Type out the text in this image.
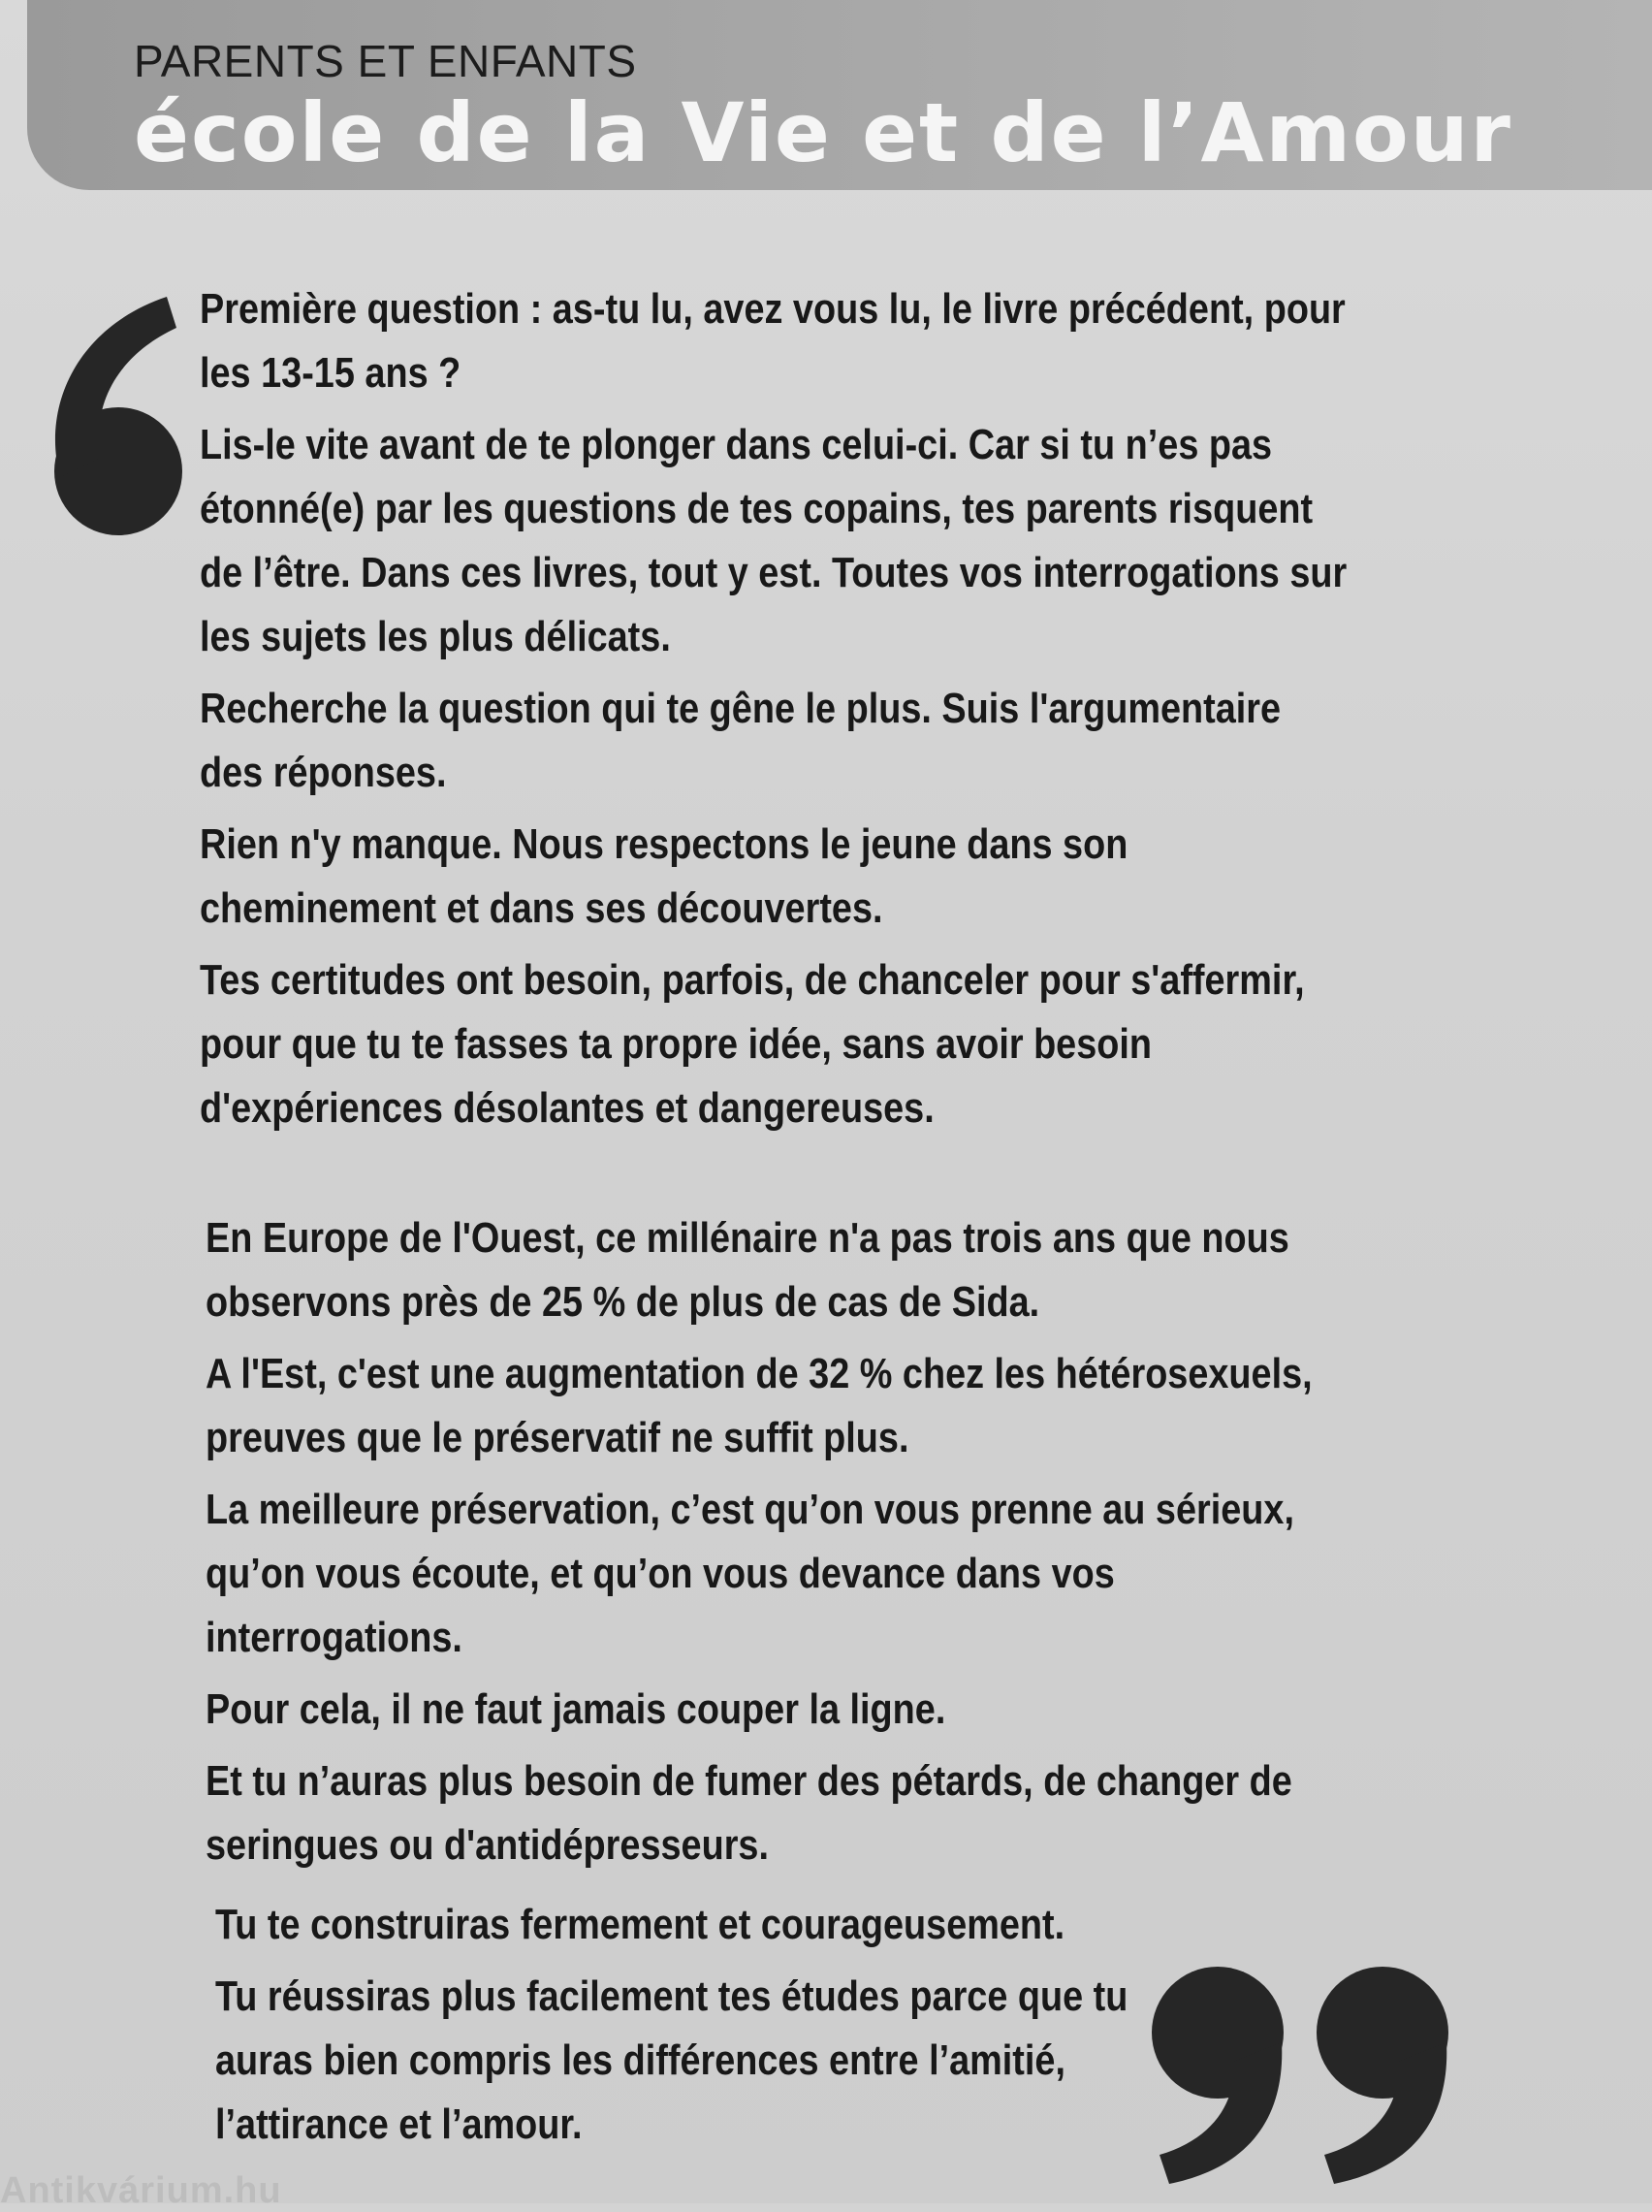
PARENTS ET ENFANTS
école de la Vie et de l’Amour

Première question : as-tu lu, avez vous lu, le livre précédent, pour les 13-15 ans ?

Lis-le vite avant de te plonger dans celui-ci. Car si tu n’es pas étonné(e) par les questions de tes copains, tes parents risquent de l’être. Dans ces livres, tout y est. Toutes vos interrogations sur les sujets les plus délicats.

Recherche la question qui te gêne le plus. Suis l'argumentaire des réponses.

Rien n'y manque. Nous respectons le jeune dans son cheminement et dans ses découvertes.

Tes certitudes ont besoin, parfois, de chanceler pour s'affermir, pour que tu te fasses ta propre idée, sans avoir besoin d'expériences désolantes et dangereuses.

En Europe de l'Ouest, ce millénaire n'a pas trois ans que nous observons près de 25 % de plus de cas de Sida.

A l'Est, c'est une augmentation de 32 % chez les hétérosexuels, preuves que le préservatif ne suffit plus.

La meilleure préservation, c’est qu’on vous prenne au sérieux, qu’on vous écoute, et qu’on vous devance dans vos interrogations.

Pour cela, il ne faut jamais couper la ligne.

Et tu n’auras plus besoin de fumer des pétards, de changer de seringues ou d'antidépresseurs.

Tu te construiras fermement et courageusement.

Tu réussiras plus facilement tes études parce que tu auras bien compris les différences entre l’amitié, l’attirance et l’amour.

Antikvárium.hu
